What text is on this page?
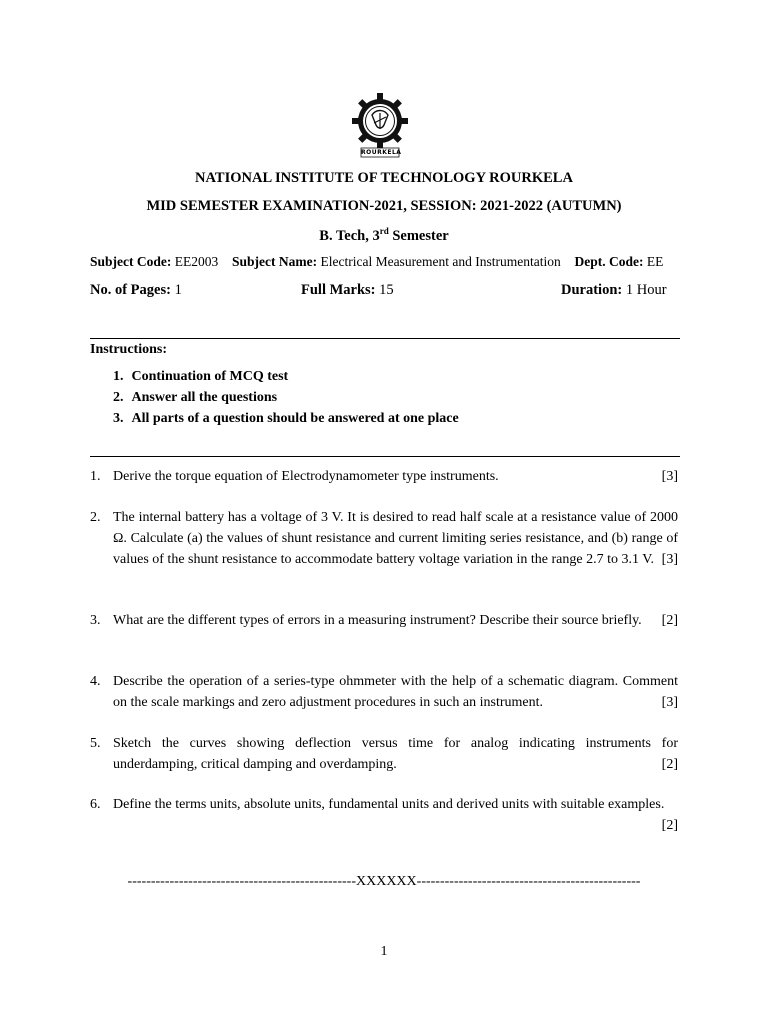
ROURKELA
NATIONAL INSTITUTE OF TECHNOLOGY ROURKELA
MID SEMESTER EXAMINATION-2021, SESSION: 2021-2022 (AUTUMN)
B. Tech, 3rd Semester
Subject Code: EE2003 Subject Name: Electrical Measurement and Instrumentation Dept. Code: EE
No. of Pages: 1	Full Marks: 15	Duration: 1 Hour
Instructions:
1. Continuation of MCQ test
2. Answer all the questions
3. All parts of a question should be answered at one place
1. Derive the torque equation of Electrodynamometer type instruments.	[3]
2. The internal battery has a voltage of 3 V. It is desired to read half scale at a resistance value of 2000 Ω. Calculate (a) the values of shunt resistance and current limiting series resistance, and (b) range of values of the shunt resistance to accommodate battery voltage variation in the range 2.7 to 3.1 V. [3]
3. What are the different types of errors in a measuring instrument? Describe their source briefly. [2]
4. Describe the operation of a series-type ohmmeter with the help of a schematic diagram. Comment on the scale markings and zero adjustment procedures in such an instrument.	[3]
5. Sketch the curves showing deflection versus time for analog indicating instruments for underdamping, critical damping and overdamping.	[2]
6. Define the terms units, absolute units, fundamental units and derived units with suitable examples.
[2]
-------------------------------------------------XXXXXX------------------------------------------------
1
